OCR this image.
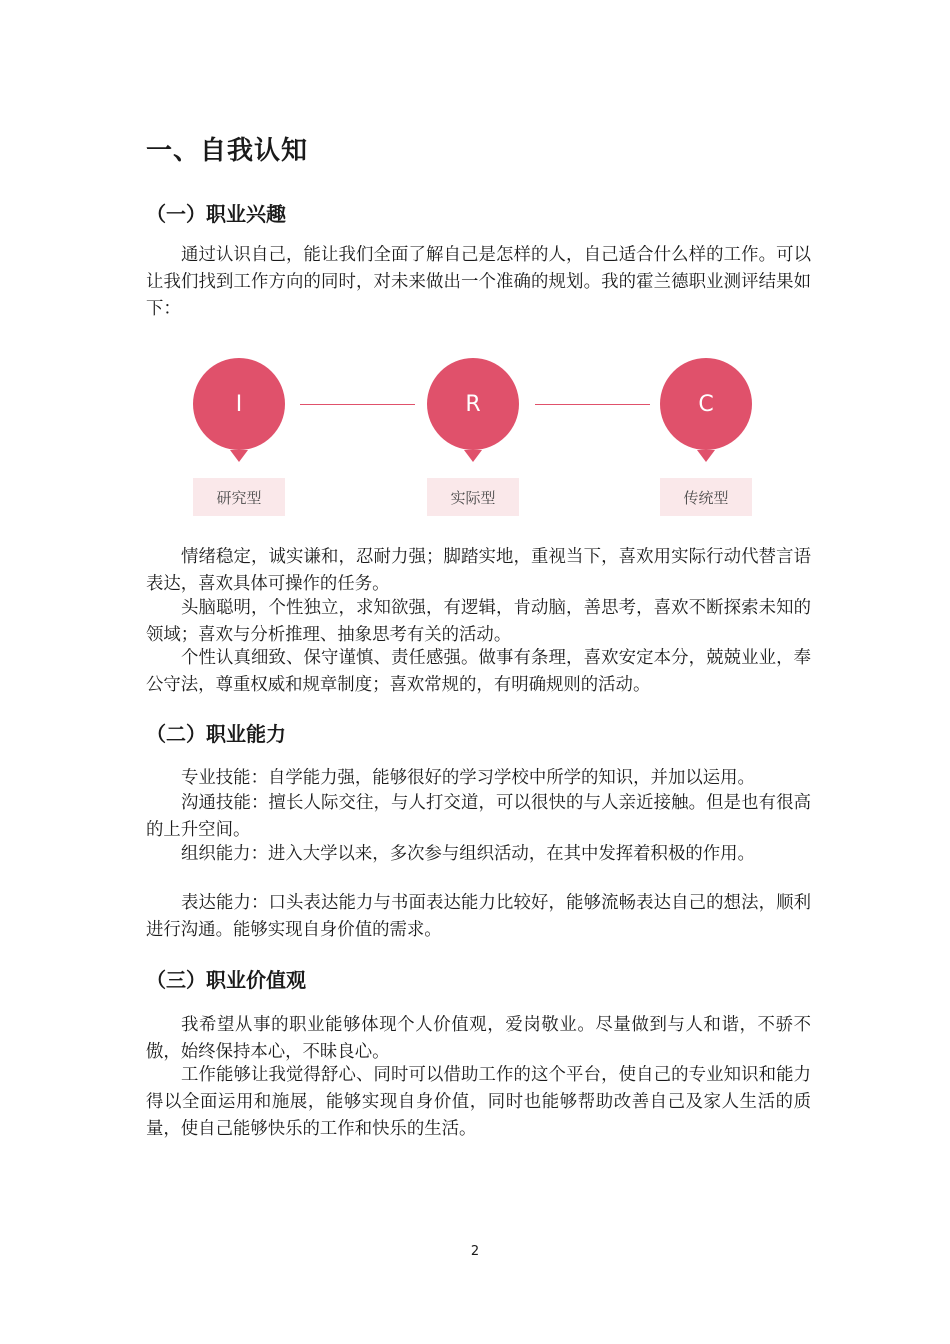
一、自我认知
（一）职业兴趣

通过认识自己，能让我们全面了解自己是怎样的人，自己适合什么样的工作。可以让我们找到工作方向的同时，对未来做出一个准确的规划。我的霍兰德职业测评结果如下：

I
研究型
R
实际型
C
传统型

情绪稳定，诚实谦和，忍耐力强；脚踏实地，重视当下，喜欢用实际行动代替言语表达，喜欢具体可操作的任务。

头脑聪明，个性独立，求知欲强，有逻辑，肯动脑，善思考，喜欢不断探索未知的领域；喜欢与分析推理、抽象思考有关的活动。

个性认真细致、保守谨慎、责任感强。做事有条理，喜欢安定本分，兢兢业业，奉公守法，尊重权威和规章制度；喜欢常规的，有明确规则的活动。

（二）职业能力

专业技能：自学能力强，能够很好的学习学校中所学的知识，并加以运用。

沟通技能：擅长人际交往，与人打交道，可以很快的与人亲近接触。但是也有很高的上升空间。

组织能力：进入大学以来，多次参与组织活动，在其中发挥着积极的作用。

表达能力：口头表达能力与书面表达能力比较好，能够流畅表达自己的想法，顺利进行沟通。能够实现自身价值的需求。

（三）职业价值观

我希望从事的职业能够体现个人价值观，爱岗敬业。尽量做到与人和谐，不骄不傲，始终保持本心，不昧良心。

工作能够让我觉得舒心、同时可以借助工作的这个平台，使自己的专业知识和能力得以全面运用和施展，能够实现自身价值，同时也能够帮助改善自己及家人生活的质量，使自己能够快乐的工作和快乐的生活。

2
